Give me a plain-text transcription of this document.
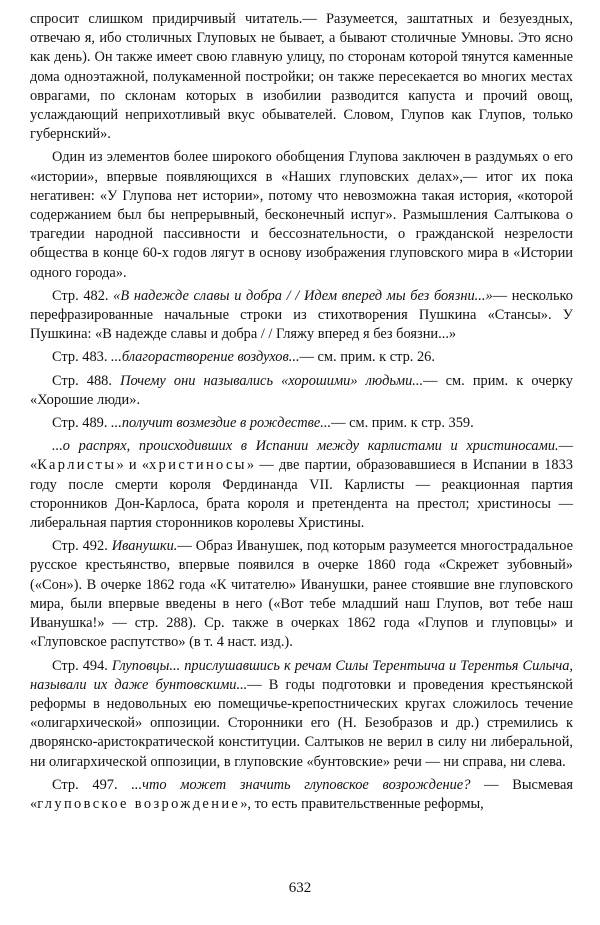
спросит слишком придирчивый читатель.— Разумеется, заштатных и безуездных, отвечаю я, ибо столичных Глуповых не бывает, а бывают столичные Умновы. Это ясно как день). Он также имеет свою главную улицу, по сторонам которой тянутся каменные дома одноэтажной, полукаменной постройки; он также пересекается во многих местах оврагами, по склонам которых в изобилии разводится капуста и прочий овощ, услаждающий неприхотливый вкус обывателей. Словом, Глупов как Глупов, только губернский».

Один из элементов более широкого обобщения Глупова заключен в раздумьях о его «истории», впервые появляющихся в «Наших глуповских делах»,— итог их пока негативен: «У Глупова нет истории», потому что невозможна такая история, «которой содержанием был бы непрерывный, бесконечный испуг». Размышления Салтыкова о трагедии народной пассивности и бессознательности, о гражданской незрелости общества в конце 60-х годов лягут в основу изображения глуповского мира в «Истории одного города».

Стр. 482. «В надежде славы и добра / / Идем вперед мы без боязни...»— несколько перефразированные начальные строки из стихотворения Пушкина «Стансы». У Пушкина: «В надежде славы и добра / / Гляжу вперед я без боязни...»

Стр. 483. ...благорастворение воздухов...— см. прим. к стр. 26.

Стр. 488. Почему они назывались «хорошими» людьми...— см. прим. к очерку «Хорошие люди».

Стр. 489. ...получит возмездие в рождестве...— см. прим. к стр. 359.

...о распрях, происходивших в Испании между карлистами и христиносами.— «Карлисты» и «христиносы» — две партии, образовавшиеся в Испании в 1833 году после смерти короля Фердинанда VII. Карлисты — реакционная партия сторонников Дон-Карлоса, брата короля и претендента на престол; христиносы — либеральная партия сторонников королевы Христины.

Стр. 492. Иванушки.— Образ Иванушек, под которым разумеется многострадальное русское крестьянство, впервые появился в очерке 1860 года «Скрежет зубовный» («Сон»). В очерке 1862 года «К читателю» Иванушки, ранее стоявшие вне глуповского мира, были впервые введены в него («Вот тебе младший наш Глупов, вот тебе наш Иванушка!» — стр. 288). Ср. также в очерках 1862 года «Глупов и глуповцы» и «Глуповское распутство» (в т. 4 наст. изд.).

Стр. 494. Глуповцы... прислушавшись к речам Силы Терентьича и Терентья Силыча, называли их даже бунтовскими...— В годы подготовки и проведения крестьянской реформы в недовольных ею помещичье-крепостнических кругах сложилось течение «олигархической» оппозиции. Сторонники его (Н. Безобразов и др.) стремились к дворянско-аристократической конституции. Салтыков не верил в силу ни либеральной, ни олигархической оппозиции, в глуповские «бунтовские» речи — ни справа, ни слева.

Стр. 497. ...что может значить глуповское возрождение? — Высмевая «глуповское возрождение», то есть правительственные реформы,

632
